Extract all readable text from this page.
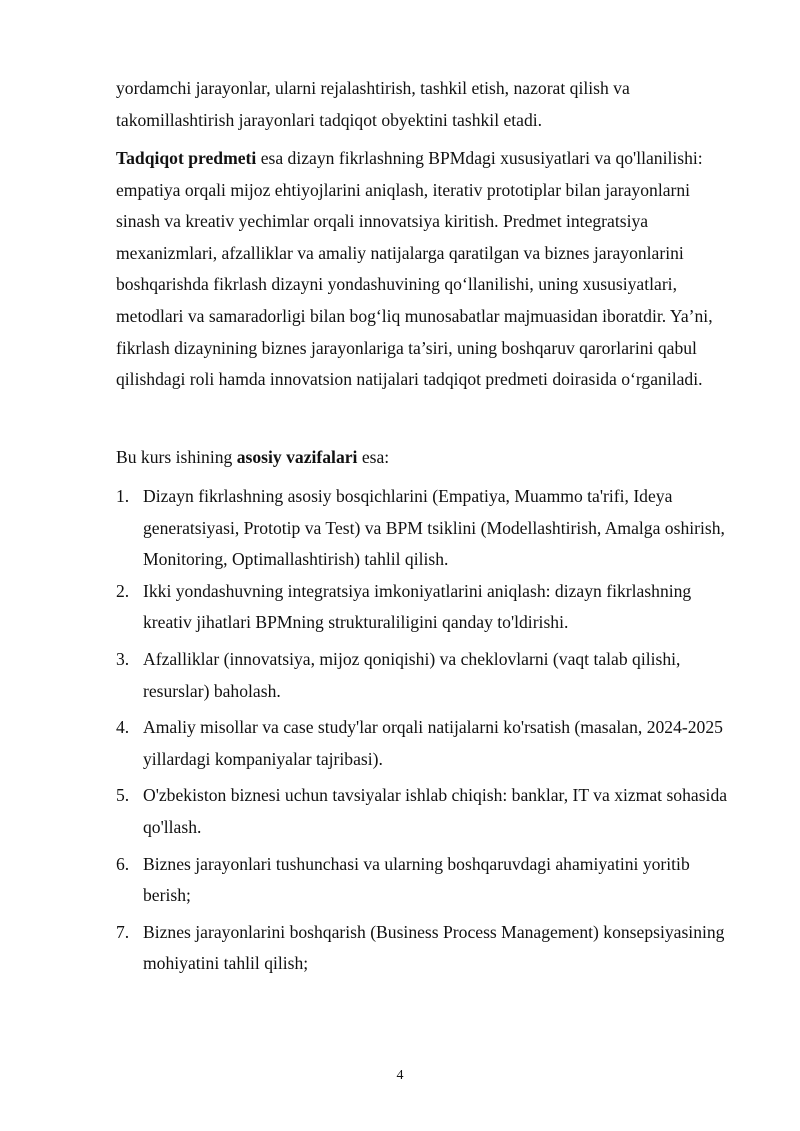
yordamchi jarayonlar, ularni rejalashtirish, tashkil etish, nazorat qilish va takomillashtirish jarayonlari tadqiqot obyektini tashkil etadi.

Tadqiqot predmeti esa dizayn fikrlashning BPMdagi xususiyatlari va qo'llanilishi: empatiya orqali mijoz ehtiyojlarini aniqlash, iterativ prototiplar bilan jarayonlarni sinash va kreativ yechimlar orqali innovatsiya kiritish. Predmet integratsiya mexanizmlari, afzalliklar va amaliy natijalarga qaratilgan va biznes jarayonlarini boshqarishda fikrlash dizayni yondashuvining qo‘llanilishi, uning xususiyatlari, metodlari va samaradorligi bilan bog‘liq munosabatlar majmuasidan iboratdir. Ya’ni, fikrlash dizaynining biznes jarayonlariga ta’siri, uning boshqaruv qarorlarini qabul qilishdagi roli hamda innovatsion natijalari tadqiqot predmeti doirasida o‘rganiladi.

Bu kurs ishining asosiy vazifalari esa:

1. Dizayn fikrlashning asosiy bosqichlarini (Empatiya, Muammo ta'rifi, Ideya generatsiyasi, Prototip va Test) va BPM tsiklini (Modellashtirish, Amalga oshirish, Monitoring, Optimallashtirish) tahlil qilish.
2. Ikki yondashuvning integratsiya imkoniyatlarini aniqlash: dizayn fikrlashning kreativ jihatlari BPMning strukturaliligini qanday to'ldirishi.
3. Afzalliklar (innovatsiya, mijoz qoniqishi) va cheklovlarni (vaqt talab qilishi, resurslar) baholash.
4. Amaliy misollar va case study'lar orqali natijalarni ko'rsatish (masalan, 2024-2025 yillardagi kompaniyalar tajribasi).
5. O'zbekiston biznesi uchun tavsiyalar ishlab chiqish: banklar, IT va xizmat sohasida qo'llash.
6. Biznes jarayonlari tushunchasi va ularning boshqaruvdagi ahamiyatini yoritib berish;
7. Biznes jarayonlarini boshqarish (Business Process Management) konsepsiyasining mohiyatini tahlil qilish;
4
